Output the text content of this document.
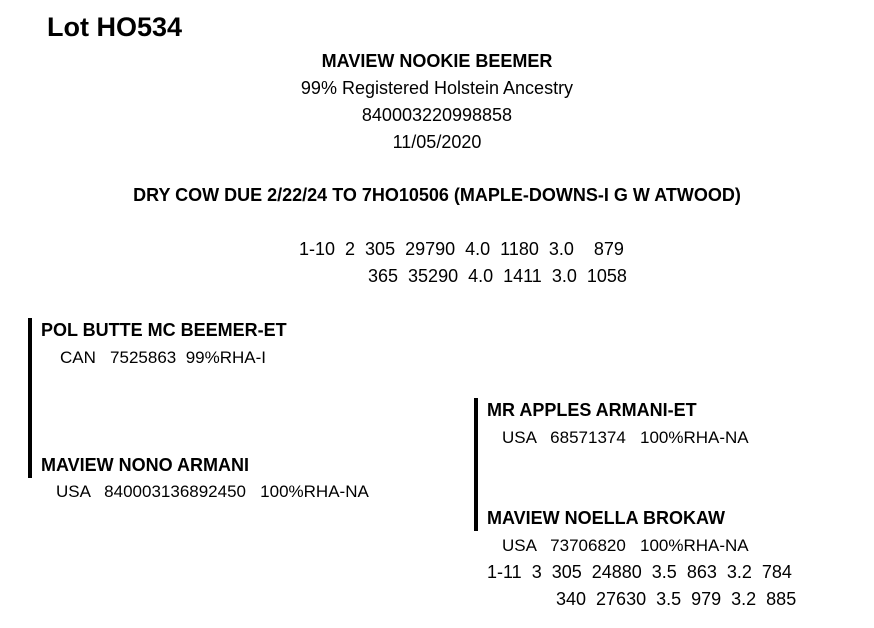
Lot HO534
MAVIEW NOOKIE BEEMER
99% Registered Holstein Ancestry
840003220998858
11/05/2020
DRY COW DUE 2/22/24 TO 7HO10506 (MAPLE-DOWNS-I G W ATWOOD)
1-10  2  305  29790  4.0  1180  3.0    879
365  35290  4.0  1411  3.0  1058
POL BUTTE MC BEEMER-ET
CAN   7525863  99%RHA-I
MAVIEW NONO ARMANI
USA   840003136892450   100%RHA-NA
MR APPLES ARMANI-ET
USA   68571374   100%RHA-NA
MAVIEW NOELLA BROKAW
USA   73706820   100%RHA-NA
1-11  3  305  24880  3.5  863  3.2  784
340  27630  3.5  979  3.2  885
